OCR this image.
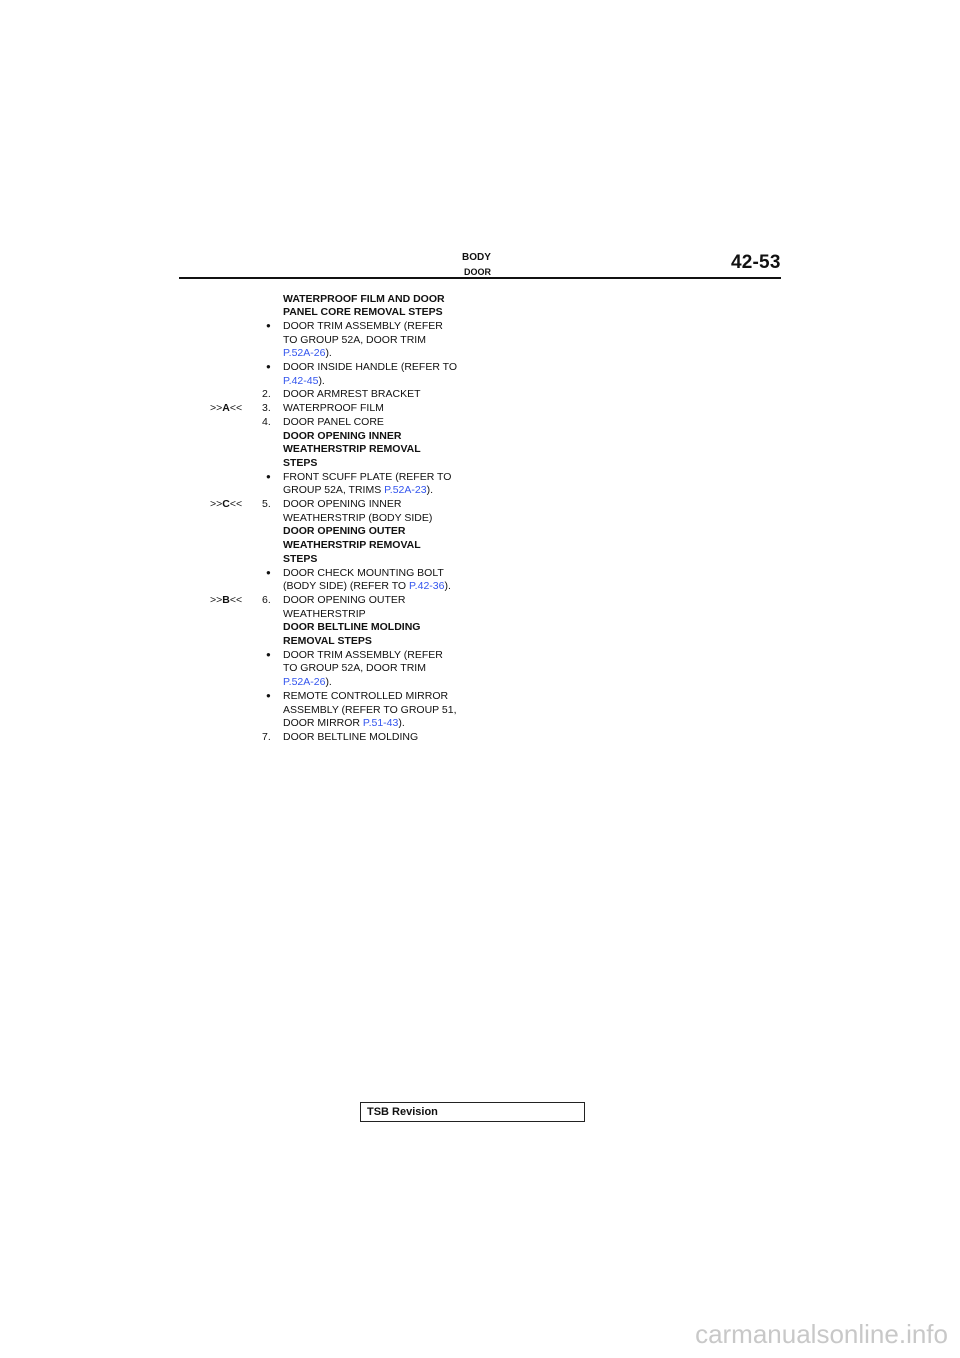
BODY
DOOR	42-53
WATERPROOF FILM AND DOOR
PANEL CORE REMOVAL STEPS
● DOOR TRIM ASSEMBLY (REFER
TO GROUP 52A, DOOR TRIM
P.52A-26).
● DOOR INSIDE HANDLE (REFER TO
P.42-45).
2. DOOR ARMREST BRACKET
>>A<< 3. WATERPROOF FILM
4. DOOR PANEL CORE
DOOR OPENING INNER
WEATHERSTRIP REMOVAL
STEPS
● FRONT SCUFF PLATE (REFER TO
GROUP 52A, TRIMS P.52A-23).
>>C<< 5. DOOR OPENING INNER
WEATHERSTRIP (BODY SIDE)
DOOR OPENING OUTER
WEATHERSTRIP REMOVAL
STEPS
● DOOR CHECK MOUNTING BOLT
(BODY SIDE) (REFER TO P.42-36).
>>B<< 6. DOOR OPENING OUTER
WEATHERSTRIP
DOOR BELTLINE MOLDING
REMOVAL STEPS
● DOOR TRIM ASSEMBLY (REFER
TO GROUP 52A, DOOR TRIM
P.52A-26).
● REMOTE CONTROLLED MIRROR
ASSEMBLY (REFER TO GROUP 51,
DOOR MIRROR P.51-43).
7. DOOR BELTLINE MOLDING
TSB Revision
carmanualsonline.info
